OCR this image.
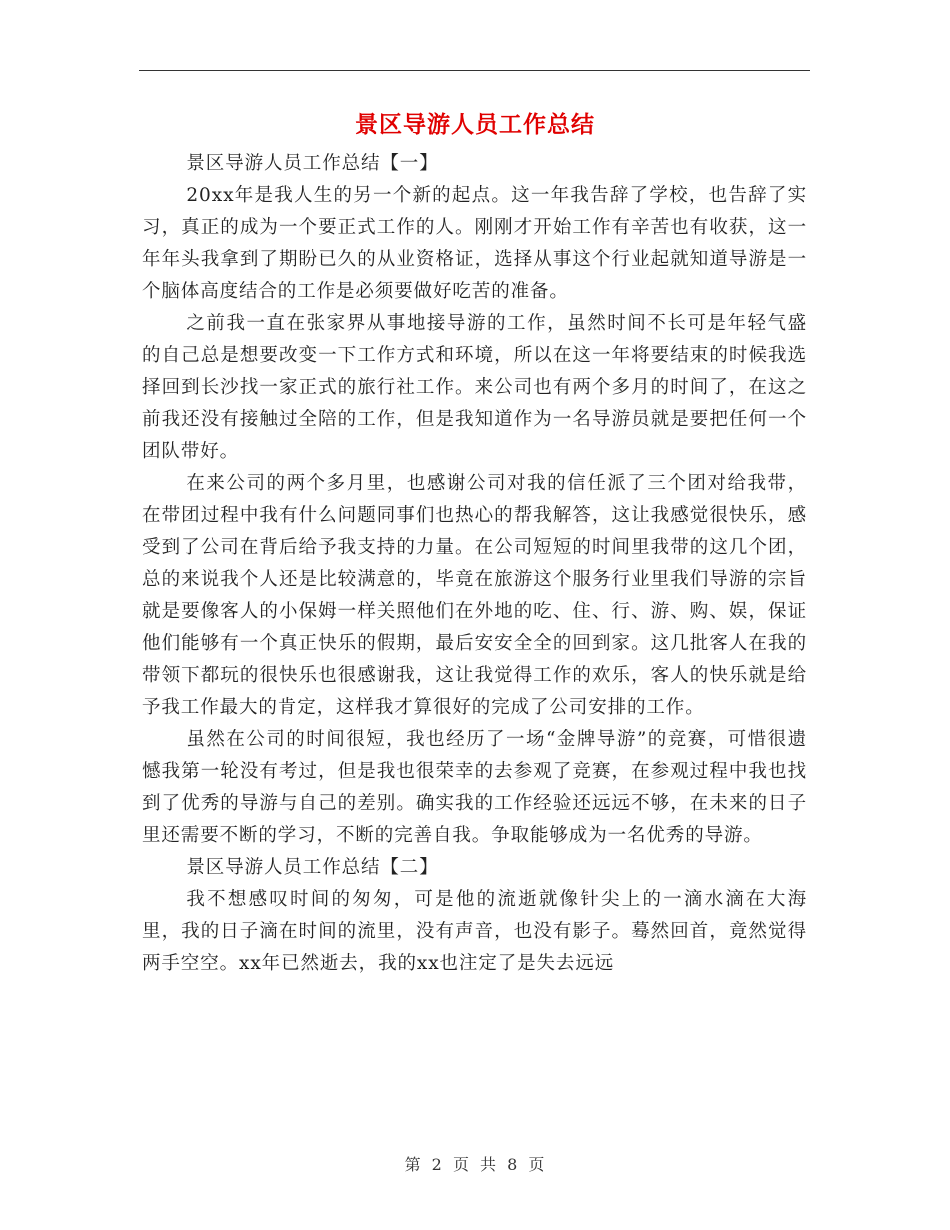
景区导游人员工作总结

景区导游人员工作总结【一】

20xx年是我人生的另一个新的起点。这一年我告辞了学校，也告辞了实习，真正的成为一个要正式工作的人。刚刚才开始工作有辛苦也有收获，这一年年头我拿到了期盼已久的从业资格证，选择从事这个行业起就知道导游是一个脑体高度结合的工作是必须要做好吃苦的准备。

之前我一直在张家界从事地接导游的工作，虽然时间不长可是年轻气盛的自己总是想要改变一下工作方式和环境，所以在这一年将要结束的时候我选择回到长沙找一家正式的旅行社工作。来公司也有两个多月的时间了，在这之前我还没有接触过全陪的工作，但是我知道作为一名导游员就是要把任何一个团队带好。

在来公司的两个多月里，也感谢公司对我的信任派了三个团对给我带，在带团过程中我有什么问题同事们也热心的帮我解答，这让我感觉很快乐，感受到了公司在背后给予我支持的力量。在公司短短的时间里我带的这几个团，总的来说我个人还是比较满意的，毕竟在旅游这个服务行业里我们导游的宗旨就是要像客人的小保姆一样关照他们在外地的吃、住、行、游、购、娱，保证他们能够有一个真正快乐的假期，最后安安全全的回到家。这几批客人在我的带领下都玩的很快乐也很感谢我，这让我觉得工作的欢乐，客人的快乐就是给予我工作最大的肯定，这样我才算很好的完成了公司安排的工作。

虽然在公司的时间很短，我也经历了一场“金牌导游”的竞赛，可惜很遗憾我第一轮没有考过，但是我也很荣幸的去参观了竞赛，在参观过程中我也找到了优秀的导游与自己的差别。确实我的工作经验还远远不够，在未来的日子里还需要不断的学习，不断的完善自我。争取能够成为一名优秀的导游。

景区导游人员工作总结【二】

我不想感叹时间的匆匆，可是他的流逝就像针尖上的一滴水滴在大海里，我的日子滴在时间的流里，没有声音，也没有影子。蓦然回首，竟然觉得两手空空。xx年已然逝去，我的xx也注定了是失去远远

第 2 页 共 8 页
